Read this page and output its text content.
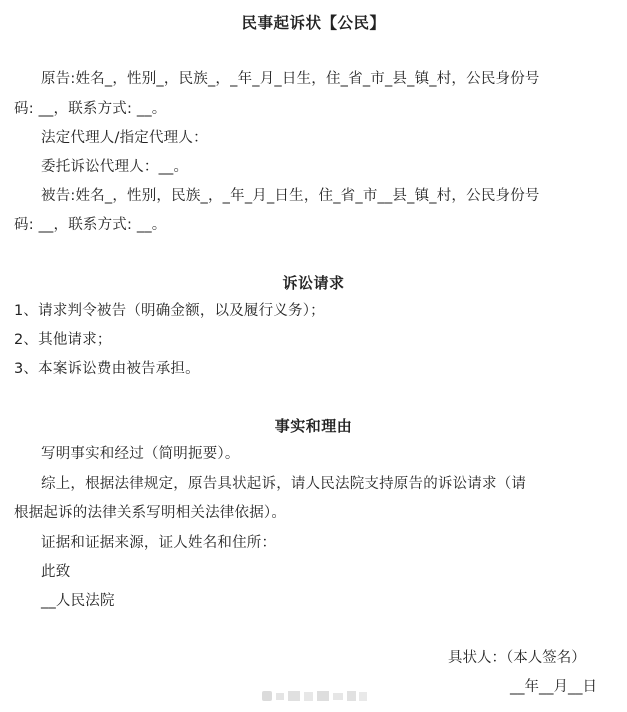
民事起诉状【公民】
原告:姓名_，性别_，民族_，_年_月_日生，住_省_市_县_镇_村，公民身份号
码: __，联系方式: __。
法定代理人/指定代理人：
委托诉讼代理人：__。
被告:姓名_，性别，民族_，_年_月_日生，住_省_市__县_镇_村，公民身份号
码: __，联系方式: __。
诉讼请求
1、请求判令被告（明确金额，以及履行义务）；
2、其他请求；
3、本案诉讼费由被告承担。
事实和理由
写明事实和经过（简明扼要）。
综上，根据法律规定，原告具状起诉，请人民法院支持原告的诉讼请求（请
根据起诉的法律关系写明相关法律依据）。
证据和证据来源，证人姓名和住所：
此致
__人民法院
具状人：（本人签名）
__年__月__日
